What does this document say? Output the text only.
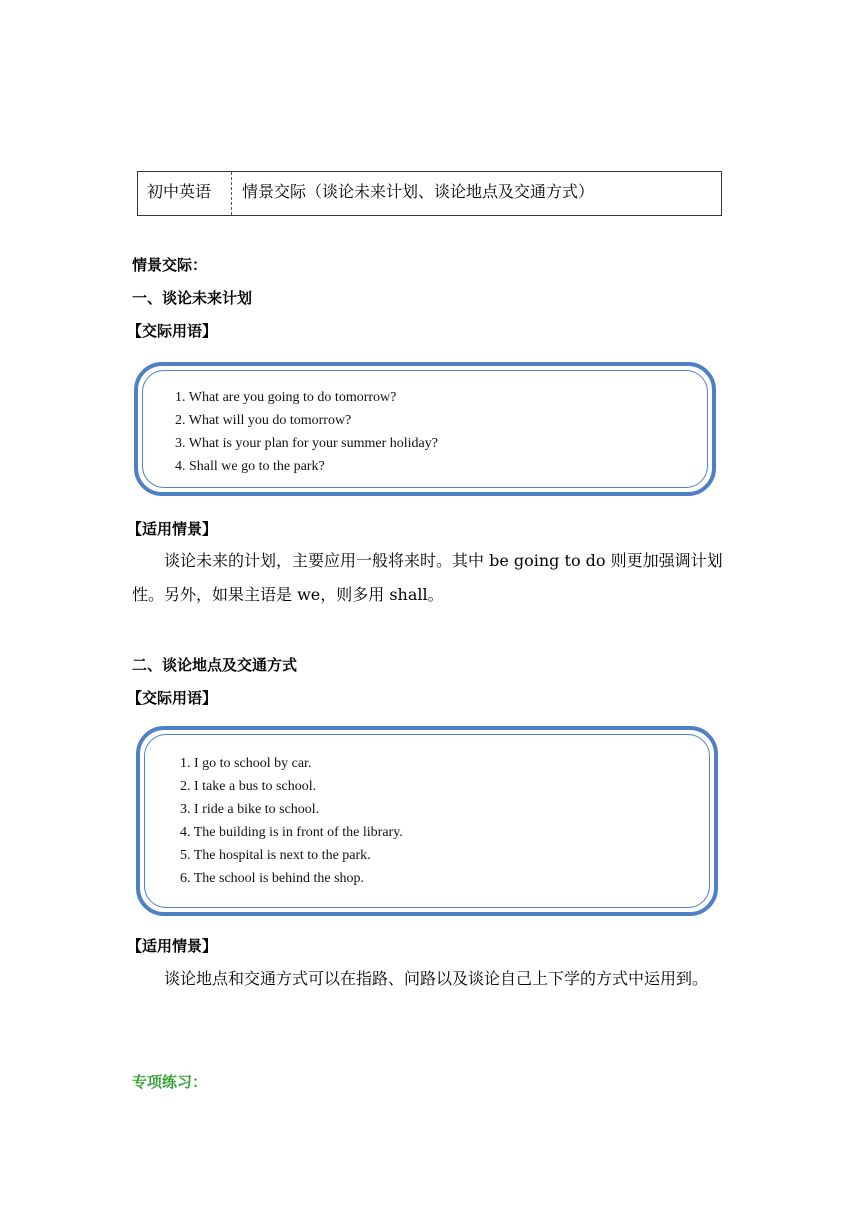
初中英语	情景交际（谈论未来计划、谈论地点及交通方式）
情景交际：
一、谈论未来计划
【交际用语】
1. What are you going to do tomorrow?
2. What will you do tomorrow?
3. What is your plan for your summer holiday?
4. Shall we go to the park?
【适用情景】
谈论未来的计划，主要应用一般将来时。其中 be going to do 则更加强调计划性。另外，如果主语是 we，则多用 shall。
二、谈论地点及交通方式
【交际用语】
1. I go to school by car.
2. I take a bus to school.
3. I ride a bike to school.
4. The building is in front of the library.
5. The hospital is next to the park.
6. The school is behind the shop.
【适用情景】
谈论地点和交通方式可以在指路、问路以及谈论自己上下学的方式中运用到。
专项练习：
